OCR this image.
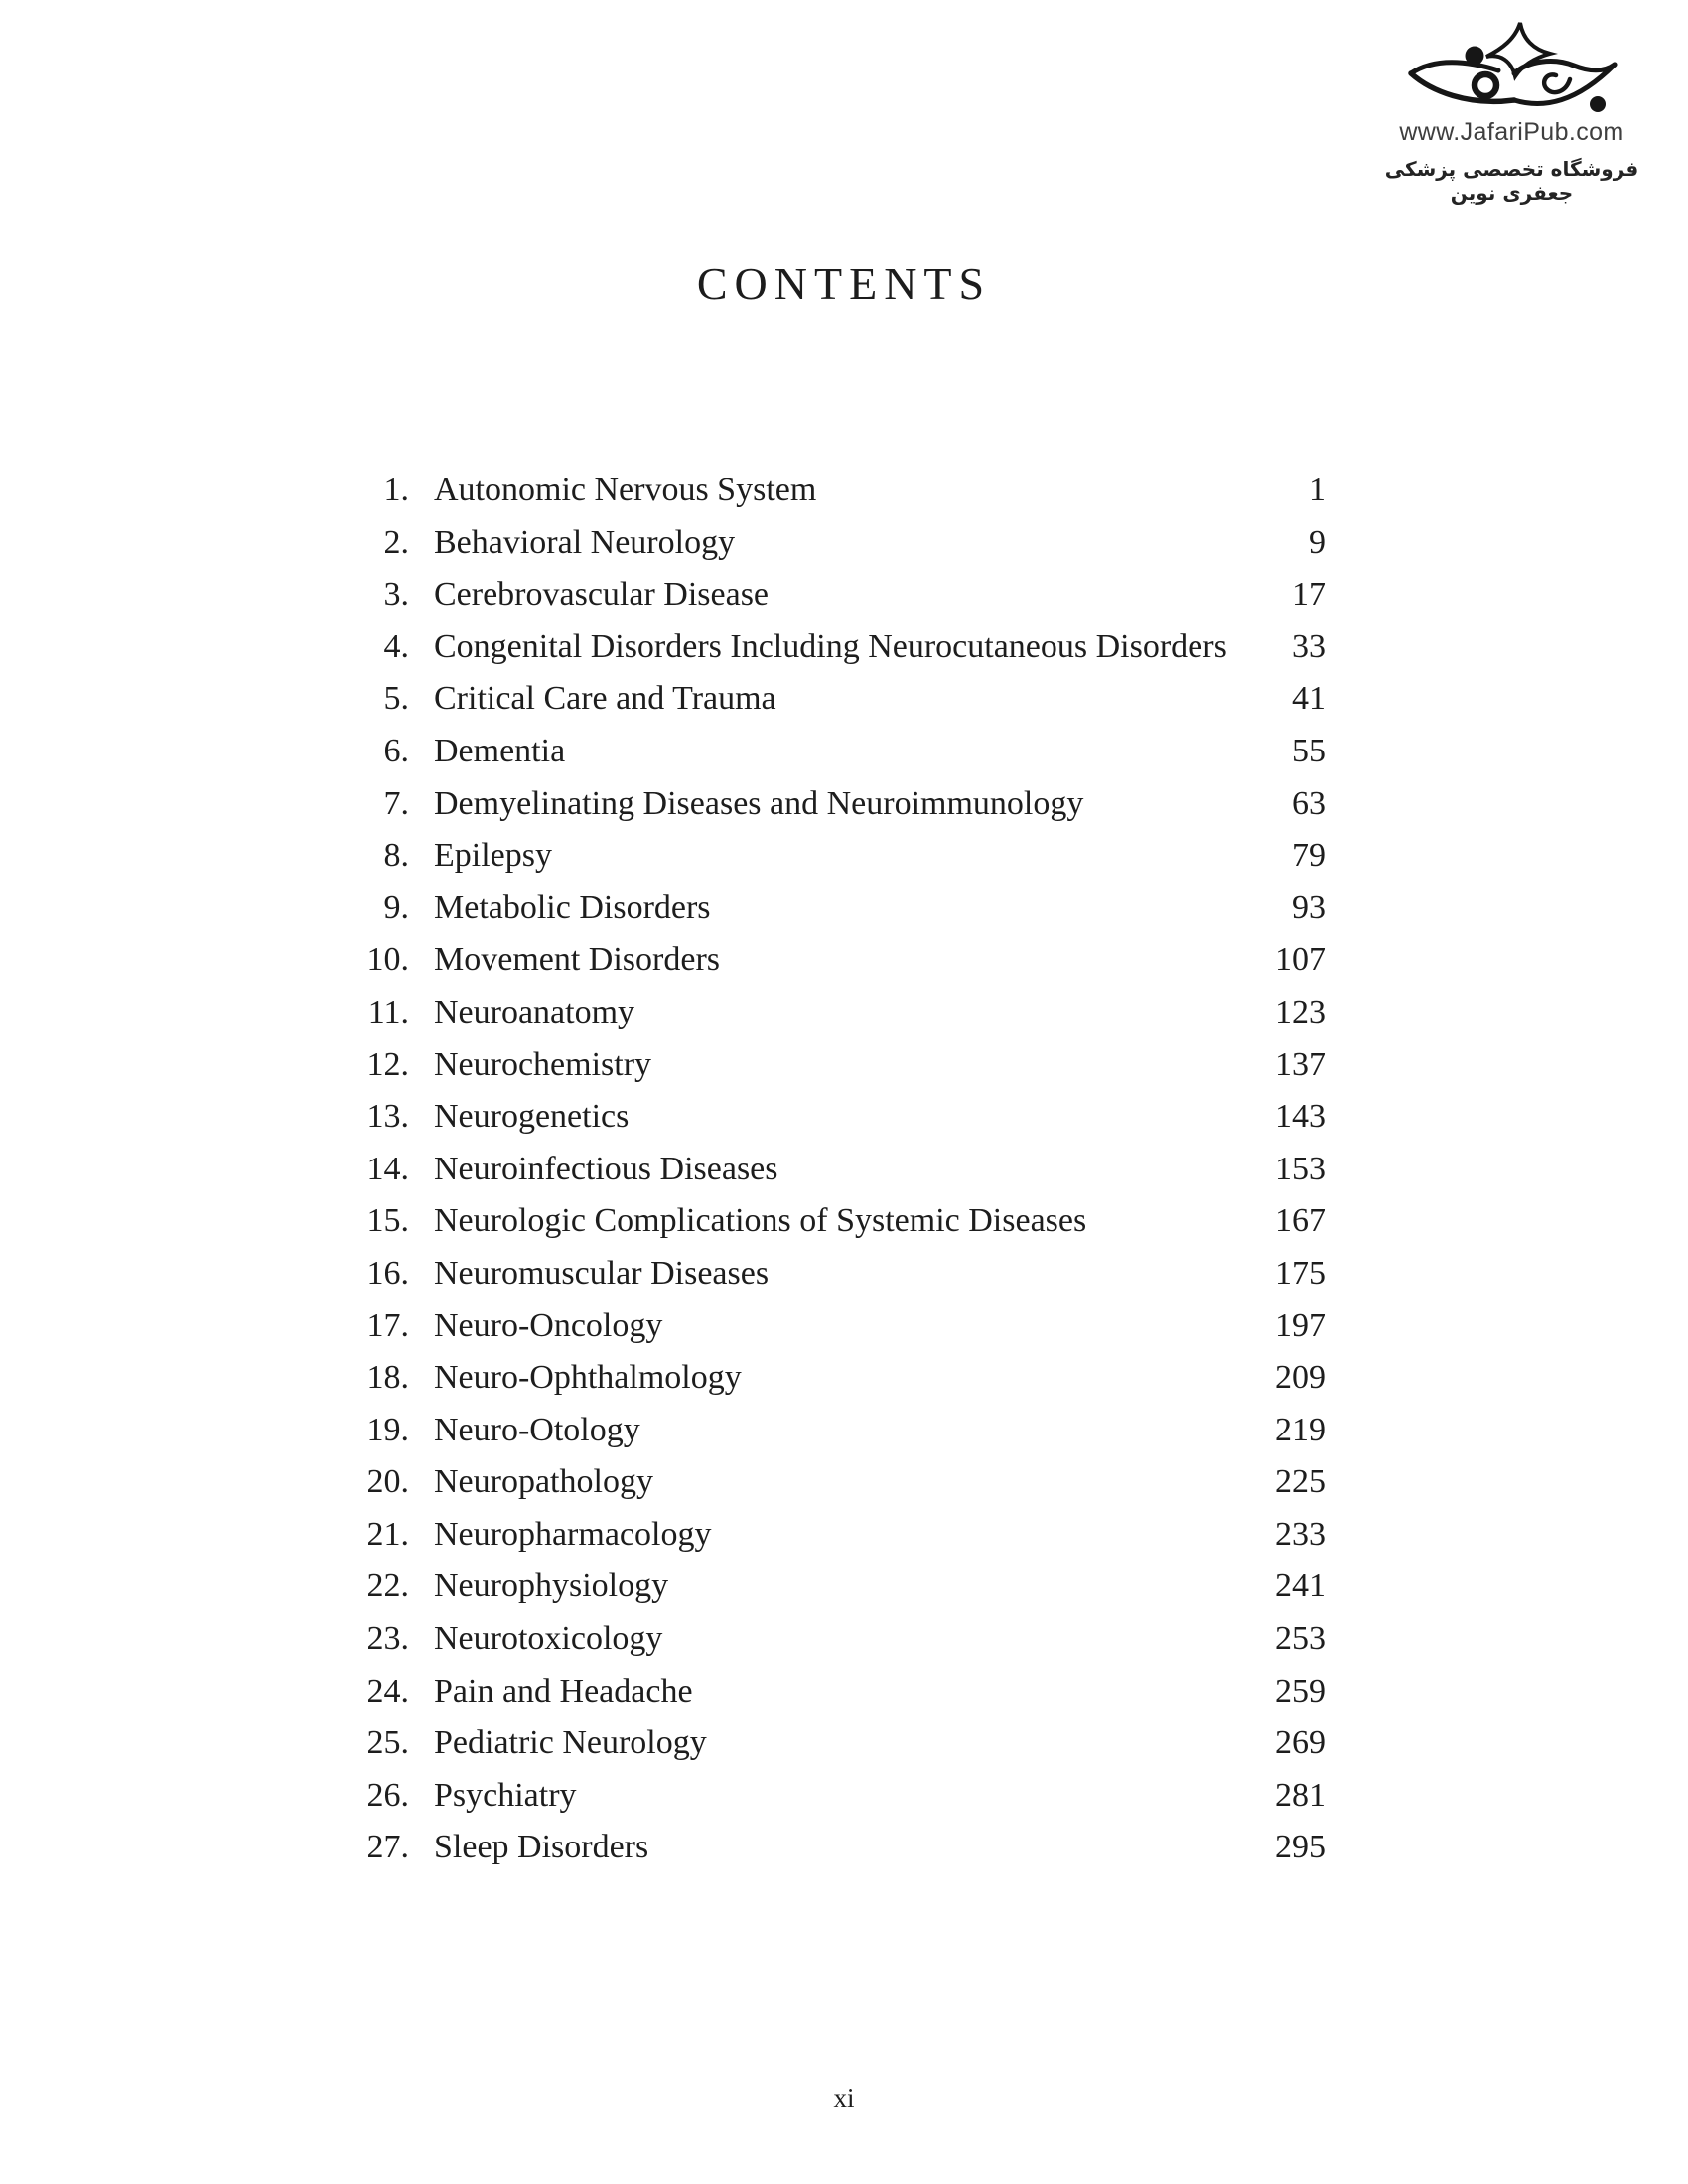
www.JafariPub.com
فروشگاه تخصصی پزشکی جعفری نوین
CONTENTS
1. Autonomic Nervous System	1
2. Behavioral Neurology	9
3. Cerebrovascular Disease	17
4. Congenital Disorders Including Neurocutaneous Disorders	33
5. Critical Care and Trauma	41
6. Dementia	55
7. Demyelinating Diseases and Neuroimmunology	63
8. Epilepsy	79
9. Metabolic Disorders	93
10. Movement Disorders	107
11. Neuroanatomy	123
12. Neurochemistry	137
13. Neurogenetics	143
14. Neuroinfectious Diseases	153
15. Neurologic Complications of Systemic Diseases	167
16. Neuromuscular Diseases	175
17. Neuro-Oncology	197
18. Neuro-Ophthalmology	209
19. Neuro-Otology	219
20. Neuropathology	225
21. Neuropharmacology	233
22. Neurophysiology	241
23. Neurotoxicology	253
24. Pain and Headache	259
25. Pediatric Neurology	269
26. Psychiatry	281
27. Sleep Disorders	295
xi
